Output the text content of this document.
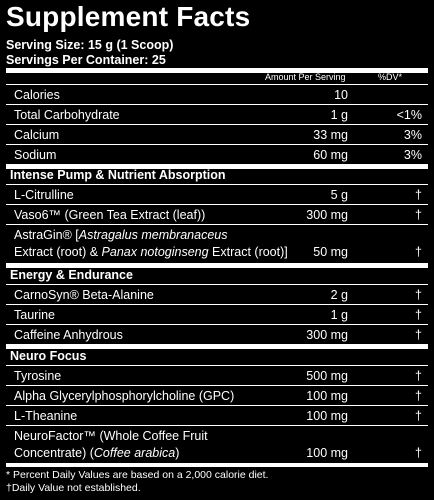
Supplement Facts
Serving Size: 15 g (1 Scoop)
Servings Per Container: 25
Amount Per Serving	%DV*
Calories	10
Total Carbohydrate	1 g	<1%
Calcium	33 mg	3%
Sodium	60 mg	3%
Intense Pump & Nutrient Absorption
L-Citrulline	5 g	†
Vaso6™ (Green Tea Extract (leaf))	300 mg	†
AstraGin® [Astragalus membranaceus
Extract (root) & Panax notoginseng Extract (root)] 50 mg	†
Energy & Endurance
CarnoSyn® Beta-Alanine	2 g	†
Taurine	1 g	†
Caffeine Anhydrous	300 mg	†
Neuro Focus
Tyrosine	500 mg	†
Alpha Glycerylphosphorylcholine (GPC)	100 mg	†
L-Theanine	100 mg	†
NeuroFactor™ (Whole Coffee Fruit
Concentrate) (Coffee arabica)	100 mg	†
* Percent Daily Values are based on a 2,000 calorie diet.
†Daily Value not established.
